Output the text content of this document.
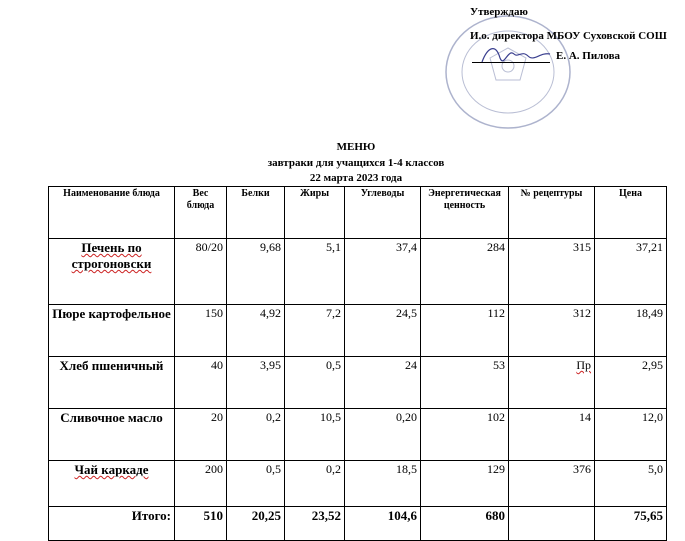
Утверждаю
И.о. директора МБОУ Суховской СОШ
Е. А. Пилова
МЕНЮ
завтраки для учащихся 1-4 классов
22 марта 2023 года
Наименование блюда	Вес блюда	Белки	Жиры	Углеводы	Энергетическая ценность	№ рецептуры	Цена
Печень по строгоновски	80/20	9,68	5,1	37,4	284	315	37,21
Пюре картофельное	150	4,92	7,2	24,5	112	312	18,49
Хлеб пшеничный	40	3,95	0,5	24	53	Пр	2,95
Сливочное масло	20	0,2	10,5	0,20	102	14	12,0
Чай каркаде	200	0,5	0,2	18,5	129	376	5,0
Итого:	510	20,25	23,52	104,6	680		75,65
